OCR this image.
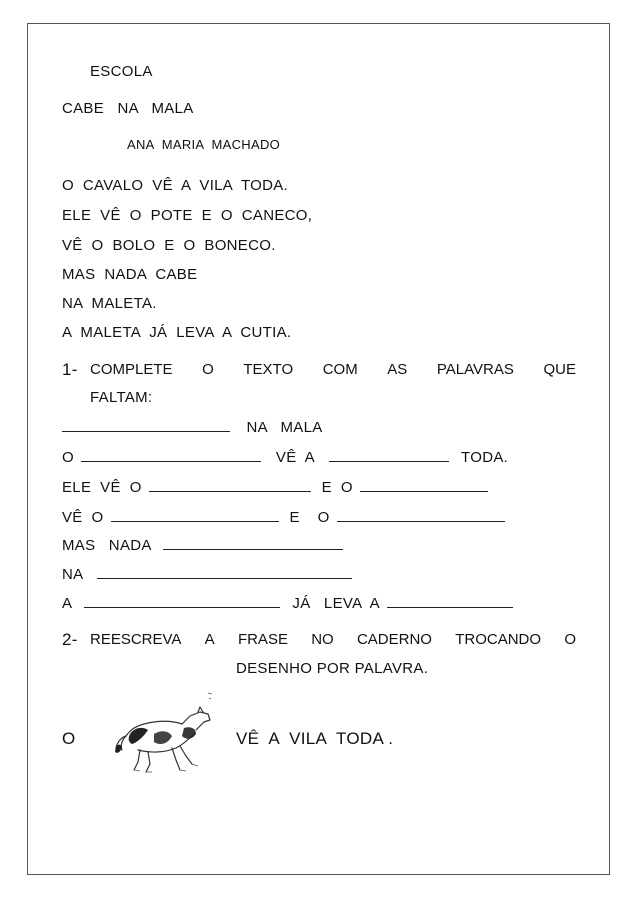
ESCOLA
CABE   NA   MALA
ANA  MARIA  MACHADO
O  CAVALO  VÊ  A  VILA  TODA.
ELE  VÊ  O  POTE  E  O  CANECO,
VÊ  O  BOLO  E  O  BONECO.
MAS  NADA  CABE
NA  MALETA.
A  MALETA  JÁ  LEVA  A  CUTIA.
1- COMPLETE O TEXTO COM AS PALAVRAS QUE
FALTAM:
NA   MALA
O	VÊ  A	TODA.
ELE  VÊ  O	E  O
VÊ  O	E    O
MAS   NADA
NA
A	JÁ   LEVA  A
2- REESCREVA A FRASE NO CADERNO TROCANDO O
DESENHO POR PALAVRA.
O	VÊ  A  VILA  TODA .
